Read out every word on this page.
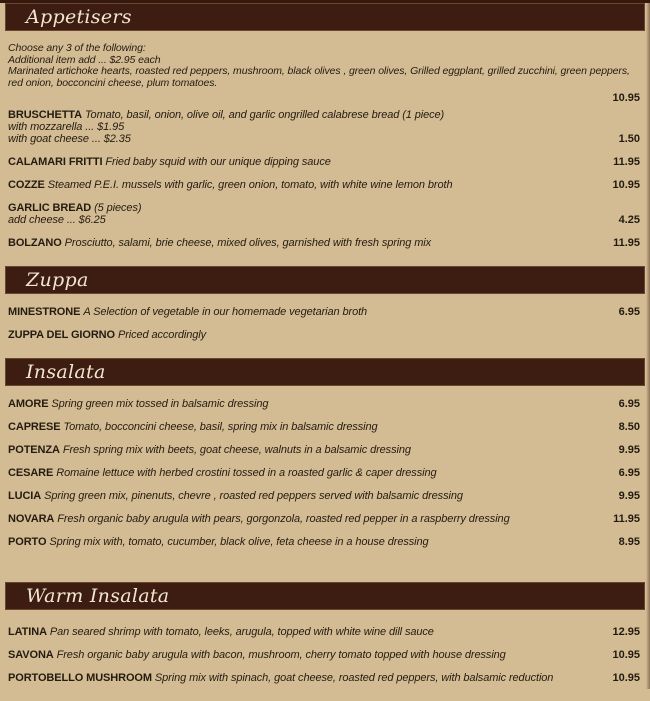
Appetisers
Choose any 3 of the following:
Additional item add ... $2.95 each
Marinated artichoke hearts, roasted red peppers, mushroom, black olives , green olives, Grilled eggplant, grilled zucchini, green peppers, red onion, bocconcini cheese, plum tomatoes.
10.95
BRUSCHETTA Tomato, basil, onion, olive oil, and garlic ongrilled calabrese bread (1 piece)
with mozzarella ... $1.95
with goat cheese ... $2.35	1.50
CALAMARI FRITTI Fried baby squid with our unique dipping sauce	11.95
COZZE Steamed P.E.I. mussels with garlic, green onion, tomato, with white wine lemon broth	10.95
GARLIC BREAD (5 pieces)
add cheese ... $6.25	4.25
BOLZANO Prosciutto, salami, brie cheese, mixed olives, garnished with fresh spring mix	11.95
Zuppa
MINESTRONE A Selection of vegetable in our homemade vegetarian broth	6.95
ZUPPA DEL GIORNO Priced accordingly
Insalata
AMORE Spring green mix tossed in balsamic dressing	6.95
CAPRESE Tomato, bocconcini cheese, basil, spring mix in balsamic dressing	8.50
POTENZA Fresh spring mix with beets, goat cheese, walnuts in a balsamic dressing	9.95
CESARE Romaine lettuce with herbed crostini tossed in a roasted garlic & caper dressing	6.95
LUCIA Spring green mix, pinenuts, chevre , roasted red peppers served with balsamic dressing	9.95
NOVARA Fresh organic baby arugula with pears, gorgonzola, roasted red pepper in a raspberry dressing	11.95
PORTO Spring mix with, tomato, cucumber, black olive, feta cheese in a house dressing	8.95
Warm Insalata
LATINA Pan seared shrimp with tomato, leeks, arugula, topped with white wine dill sauce	12.95
SAVONA Fresh organic baby arugula with bacon, mushroom, cherry tomato topped with house dressing	10.95
PORTOBELLO MUSHROOM Spring mix with spinach, goat cheese, roasted red peppers, with balsamic reduction	10.95
